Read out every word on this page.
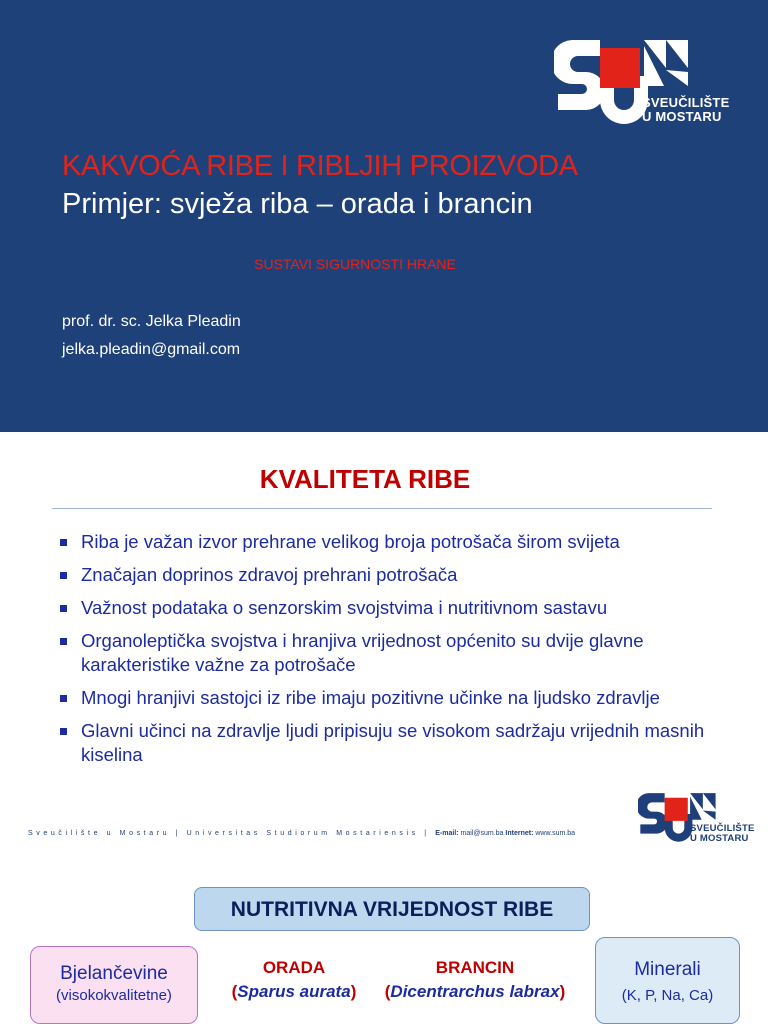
SVEUČILIŠTE
U MOSTARU
KAKVOĆA RIBE I RIBLJIH PROIZVODA
Primjer: svježa riba – orada i brancin
SUSTAVI SIGURNOSTI HRANE
prof. dr. sc. Jelka Pleadin
jelka.pleadin@gmail.com
KVALITETA RIBE
Riba je važan izvor prehrane velikog broja potrošača širom svijeta
Značajan doprinos zdravoj prehrani potrošača
Važnost podataka o senzorskim svojstvima i nutritivnom sastavu
Organoleptička svojstva i hranjiva vrijednost općenito su dvije glavne karakteristike važne za potrošače
Mnogi hranjivi sastojci iz ribe imaju pozitivne učinke na ljudsko zdravlje
Glavni učinci na zdravlje ljudi pripisuju se visokom sadržaju vrijednih masnih kiselina
Sveučilište u Mostaru | Universitas Studiorum Mostariensis | E-mail: mail@sum.ba Internet: www.sum.ba	SVEUČILIŠTE
U MOSTARU
NUTRITIVNA VRIJEDNOST RIBE
Bjelančevine
(visokokvalitetne)
ORADA
(Sparus aurata)
BRANCIN
(Dicentrarchus labrax)
Minerali
(K, P, Na, Ca)
